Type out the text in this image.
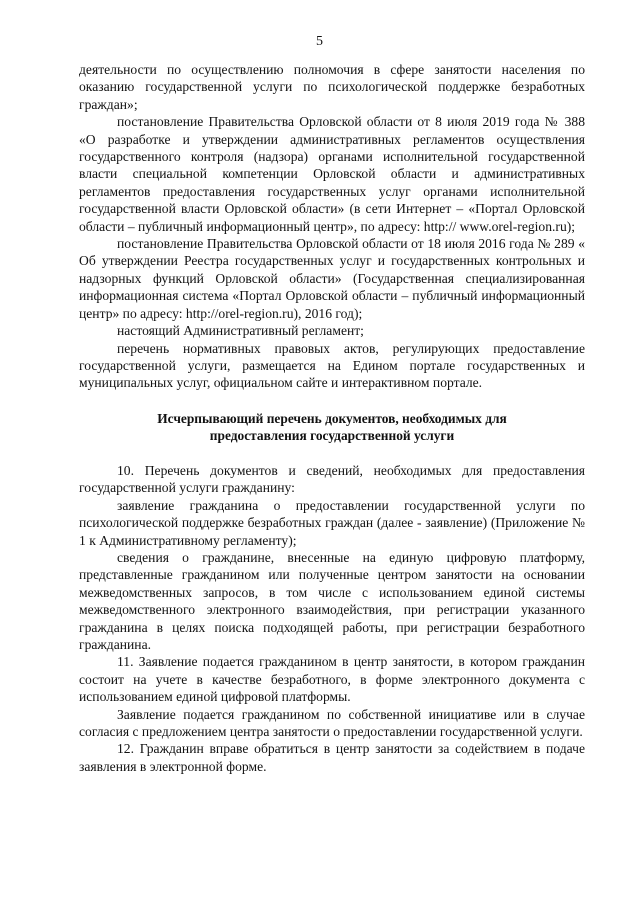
5

деятельности по осуществлению полномочия в сфере занятости населения по оказанию государственной услуги по психологической поддержке безработных граждан»;

постановление Правительства Орловской области от 8 июля 2019 года № 388 «О разработке и утверждении административных регламентов осуществления государственного контроля (надзора) органами исполнительной государственной власти специальной компетенции Орловской области и административных регламентов предоставления государственных услуг органами исполнительной государственной власти Орловской области» (в сети Интернет – «Портал Орловской области – публичный информационный центр», по адресу: http:// www.orel-region.ru);

постановление Правительства Орловской области от 18 июля 2016 года № 289 « Об утверждении Реестра государственных услуг и государственных контрольных и надзорных функций Орловской области» (Государственная специализированная информационная система «Портал Орловской области – публичный информационный центр» по адресу: http://orel-region.ru), 2016 год);

настоящий Административный регламент;

перечень нормативных правовых актов, регулирующих предоставление государственной услуги, размещается на Едином портале государственных и муниципальных услуг, официальном сайте и интерактивном портале.

Исчерпывающий перечень документов, необходимых для предоставления государственной услуги

10. Перечень документов и сведений, необходимых для предоставления государственной услуги гражданину:

заявление гражданина о предоставлении государственной услуги по психологической поддержке безработных граждан (далее - заявление) (Приложение № 1 к Административному регламенту);

сведения о гражданине, внесенные на единую цифровую платформу, представленные гражданином или полученные центром занятости на основании межведомственных запросов, в том числе с использованием единой системы межведомственного электронного взаимодействия, при регистрации указанного гражданина в целях поиска подходящей работы, при регистрации безработного гражданина.

11. Заявление подается гражданином в центр занятости, в котором гражданин состоит на учете в качестве безработного, в форме электронного документа с использованием единой цифровой платформы.

Заявление подается гражданином по собственной инициативе или в случае согласия с предложением центра занятости о предоставлении государственной услуги.

12. Гражданин вправе обратиться в центр занятости за содействием в подаче заявления в электронной форме.
